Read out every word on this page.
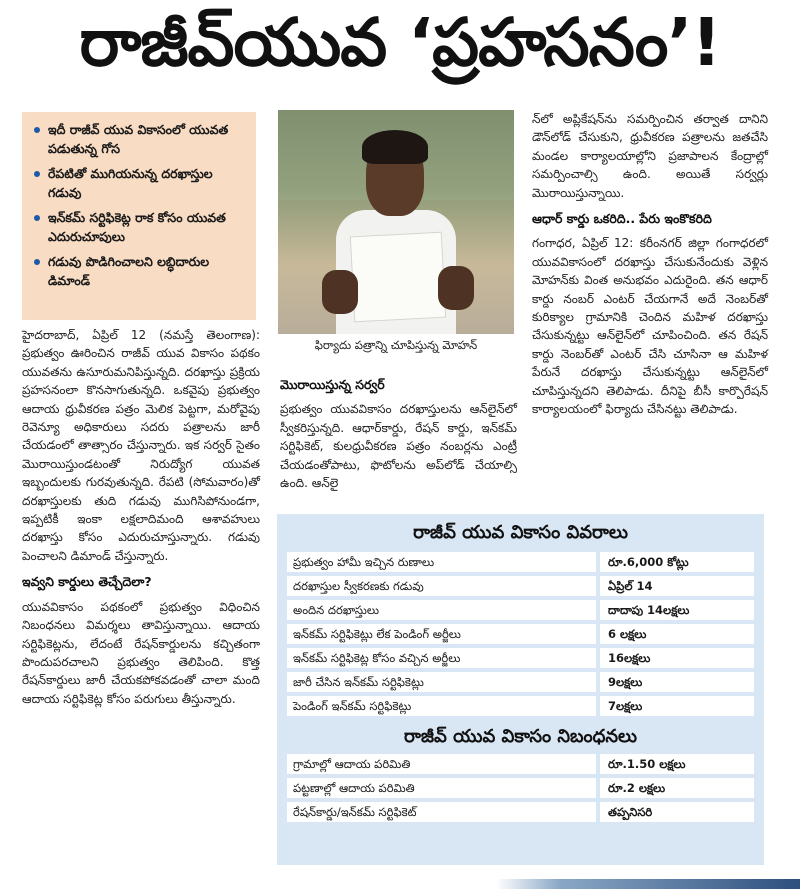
రాజీవ్‌యువ ‘ప్రహసనం’!
ఇదీ రాజీవ్ యువ వికాసంలో యువత పడుతున్న గోస
రేపటితో ముగియనున్న దరఖాస్తుల గడువు
ఇన్‌కమ్ సర్టిఫికెట్ల రాక కోసం యువత ఎదురుచూపులు
గడువు పొడిగించాలని లబ్ధిదారుల డిమాండ్

హైదరాబాద్, ఏప్రిల్ 12 (నమస్తే తెలంగాణ): ప్రభుత్వం ఊరించిన రాజీవ్ యువ వికాసం పథకం యువతను ఉసూరుమనిపిస్తున్నది. దరఖాస్తు ప్రక్రియ ప్రహసనంలా కొనసాగుతున్నది. ఒకవైపు ప్రభుత్వం ఆదాయ ధ్రువీకరణ పత్రం మెలిక పెట్టగా, మరోవైపు రెవెన్యూ అధికారులు సదరు పత్రాలను జారీ చేయడంలో తాత్సారం చేస్తున్నారు. ఇక సర్వర్ సైతం మొరాయిస్తుండటంతో నిరుద్యోగ యువత ఇబ్బందులకు గురవుతున్నది. రేపటి (సోమవారం)తో దరఖాస్తులకు తుది గడువు ముగిసిపోనుండగా, ఇప్పటికీ ఇంకా లక్షలాదిమంది ఆశావహులు దరఖాస్తు కోసం ఎదురుచూస్తున్నారు. గడువు పెంచాలని డిమాండ్ చేస్తున్నారు.

ఇవ్వని కార్డులు తెచ్చేదెలా?

యువవికాసం పథకంలో ప్రభుత్వం విధించిన నిబంధనలు విమర్శలు తావిస్తున్నాయి. ఆదాయ సర్టిఫికెట్లను, లేదంటే రేషన్‌కార్డులను కచ్చితంగా పొందుపరచాలని ప్రభుత్వం తెలిపింది. కొత్త రేషన్‌కార్డులు జారీ చేయకపోకవడంతో చాలా మంది ఆదాయ సర్టిఫికెట్ల కోసం పరుగులు తీస్తున్నారు.

ఫిర్యాదు పత్రాన్ని చూపిస్తున్న మోహన్
మొరాయిస్తున్న సర్వర్

ప్రభుత్వం యువవికాసం దరఖాస్తులను ఆన్‌లైన్‌లో స్వీకరిస్తున్నది. ఆధార్‌కార్డు, రేషన్ కార్డు, ఇన్‌కమ్ సర్టిఫికెట్, కులధ్రువీకరణ పత్రం నంబర్లను ఎంట్రీ చేయడంతోపాటు, ఫొటోలను అప్‌లోడ్ చేయాల్సి ఉంది. ఆన్‌లై

న్‌లో అప్లికేషన్‌ను సమర్పించిన తర్వాత దానిని డౌన్‌లోడ్ చేసుకుని, ధ్రువీకరణ పత్రాలను జతచేసి మండల కార్యాలయాల్లోని ప్రజాపాలన కేంద్రాల్లో సమర్పించాల్సి ఉంది. అయితే సర్వర్లు మొరాయిస్తున్నాయి.

ఆధార్ కార్డు ఒకరిది.. పేరు ఇంకొకరిది

గంగాధర, ఏప్రిల్ 12: కరీంనగర్ జిల్లా గంగాధరలో యువవికాసంలో దరఖాస్తు చేసుకునేందుకు వెళ్లిన మోహన్‌కు వింత అనుభవం ఎదురైంది. తన ఆధార్ కార్డు నంబర్ ఎంటర్ చేయగానే అదే నెంబర్‌తో కురిక్యాల గ్రామానికి చెందిన మహిళ దరఖాస్తు చేసుకున్నట్టు ఆన్‌లైన్‌లో చూపించింది. తన రేషన్ కార్డు నెంబర్‌తో ఎంటర్ చేసి చూసినా ఆ మహిళ పేరునే దరఖాస్తు చేసుకున్నట్టు ఆన్‌లైన్‌లో చూపిస్తున్నదని తెలిపాడు. దీనిపై బీసీ కార్పొరేషన్ కార్యాలయంలో ఫిర్యాదు చేసినట్టు తెలిపాడు.

రాజీవ్ యువ వికాసం వివరాలు
ప్రభుత్వం హామీ ఇచ్చిన రుణాలు	రూ.6,000 కోట్లు
దరఖాస్తుల స్వీకరణకు గడువు	ఏప్రిల్ 14
అందిన దరఖాస్తులు	దాదాపు 14లక్షలు
ఇన్‌కమ్ సర్టిఫికెట్లు లేక పెండింగ్ అర్జీలు	6 లక్షలు
ఇన్‌కమ్ సర్టిఫికెట్ల కోసం వచ్చిన అర్జీలు	16లక్షలు
జారీ చేసిన ఇన్‌కమ్ సర్టిఫికెట్లు	9లక్షలు
పెండింగ్ ఇన్‌కమ్ సర్టిఫికెట్లు	7లక్షలు
రాజీవ్ యువ వికాసం నిబంధనలు
గ్రామాల్లో ఆదాయ పరిమితి	రూ.1.50 లక్షలు
పట్టణాల్లో ఆదాయ పరిమితి	రూ.2 లక్షలు
రేషన్‌కార్డు/ఇన్‌కమ్ సర్టిఫికెట్	తప్పనిసరి
